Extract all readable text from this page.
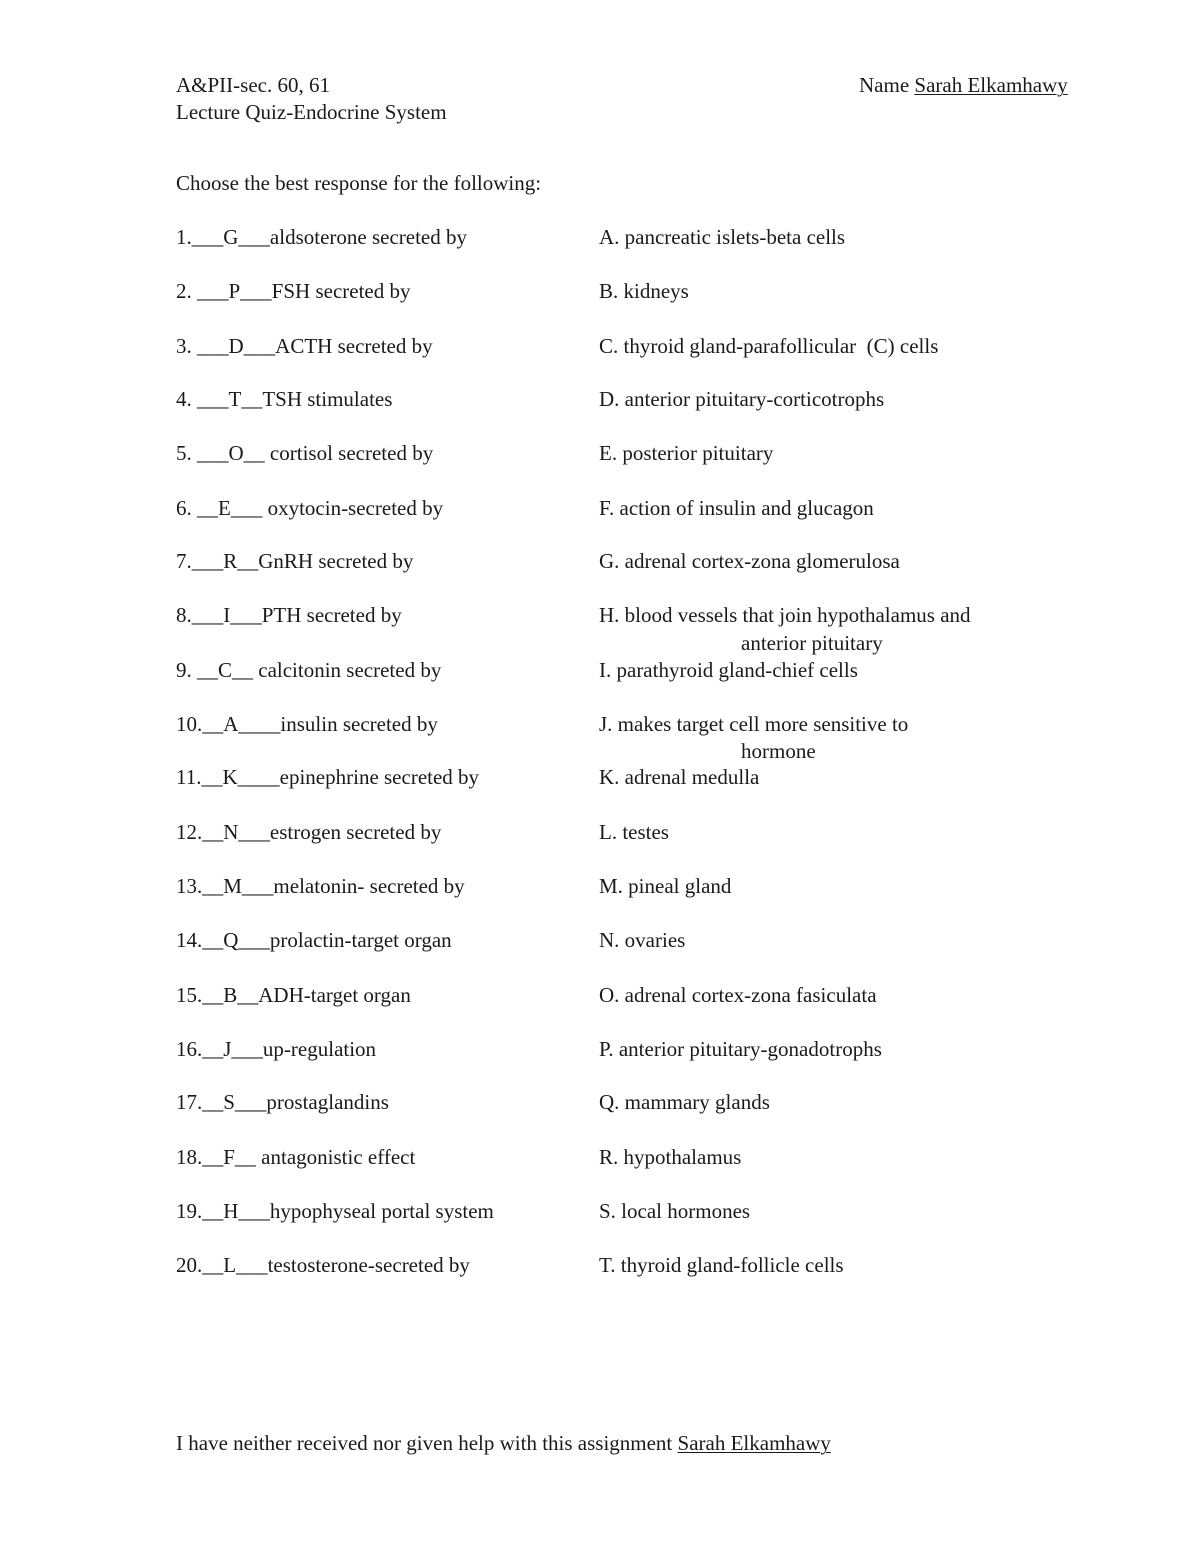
A&PII-sec. 60, 61
Lecture Quiz-Endocrine System
Name Sarah Elkamhawy
Choose the best response for the following:
1.___G___aldsoterone secreted by
2. ___P___FSH secreted by
3. ___D___ACTH secreted by
4. ___T__TSH stimulates
5. ___O__ cortisol secreted by
6. __E___ oxytocin-secreted by
7.___R__GnRH secreted by
8.___I___PTH secreted by
9. __C__ calcitonin secreted by
10.__A____insulin secreted by
11.__K____epinephrine secreted by
12.__N___estrogen secreted by
13.__M___melatonin- secreted by
14.__Q___prolactin-target organ
15.__B__ADH-target organ
16.__J___up-regulation
17.__S___prostaglandins
18.__F__ antagonistic effect
19.__H___hypophyseal portal system
20.__L___testosterone-secreted by
A. pancreatic islets-beta cells
B. kidneys
C. thyroid gland-parafollicular  (C) cells
D. anterior pituitary-corticotrophs
E. posterior pituitary
F. action of insulin and glucagon
G. adrenal cortex-zona glomerulosa
H. blood vessels that join hypothalamus and
I. parathyroid gland-chief cells
J. makes target cell more sensitive to
K. adrenal medulla
L. testes
M. pineal gland
N. ovaries
O. adrenal cortex-zona fasiculata
P. anterior pituitary-gonadotrophs
Q. mammary glands
R. hypothalamus
S. local hormones
T. thyroid gland-follicle cells
anterior pituitary
hormone
I have neither received nor given help with this assignment Sarah Elkamhawy
